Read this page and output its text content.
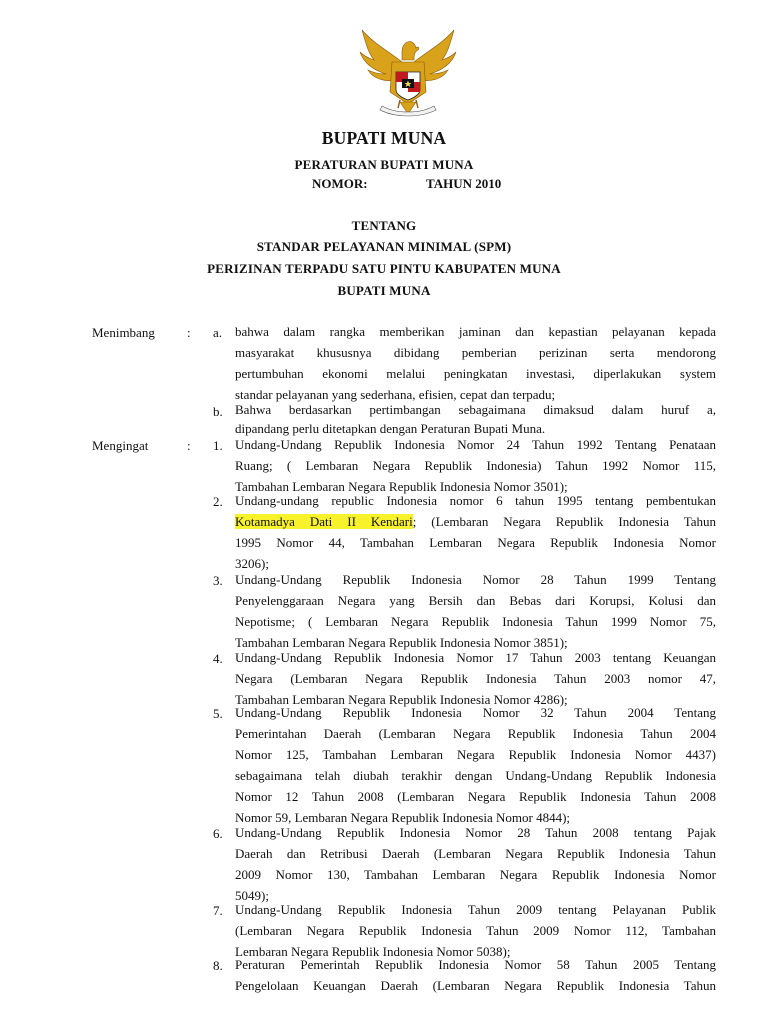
BUPATI MUNA
PERATURAN BUPATI MUNA
NOMOR:	TAHUN 2010
TENTANG
STANDAR PELAYANAN MINIMAL (SPM)
PERIZINAN TERPADU SATU PINTU KABUPATEN MUNA
BUPATI MUNA
Menimbang : a. bahwa dalam rangka memberikan jaminan dan kepastian pelayanan kepada

masyarakat khususnya dibidang pemberian perizinan serta mendorong

pertumbuhan ekonomi melalui peningkatan investasi, diperlakukan system

standar pelayanan yang sederhana, efisien, cepat dan terpadu;

b. Bahwa berdasarkan pertimbangan sebagaimana dimaksud dalam huruf a,

dipandang perlu ditetapkan dengan Peraturan Bupati Muna.

Mengingat	: 1. Undang-Undang Republik Indonesia Nomor 24 Tahun 1992 Tentang Penataan

Ruang; ( Lembaran Negara Republik Indonesia) Tahun 1992 Nomor 115,

Tambahan Lembaran Negara Republik Indonesia Nomor 3501);

2. Undang-undang republic Indonesia nomor 6 tahun 1995 tentang pembentukan

Kotamadya Dati II Kendari; (Lembaran Negara Republik Indonesia Tahun

1995 Nomor 44, Tambahan Lembaran Negara Republik Indonesia Nomor

3206);

3. Undang-Undang Republik Indonesia Nomor 28 Tahun 1999 Tentang

Penyelenggaraan Negara yang Bersih dan Bebas dari Korupsi, Kolusi dan

Nepotisme; ( Lembaran Negara Republik Indonesia Tahun 1999 Nomor 75,

Tambahan Lembaran Negara Republik Indonesia Nomor 3851);

4. Undang-Undang Republik Indonesia Nomor 17 Tahun 2003 tentang Keuangan

Negara (Lembaran Negara Republik Indonesia Tahun 2003 nomor 47,

Tambahan Lembaran Negara Republik Indonesia Nomor 4286);

5. Undang-Undang Republik Indonesia Nomor 32 Tahun 2004 Tentang

Pemerintahan Daerah (Lembaran Negara Republik Indonesia Tahun 2004

Nomor 125, Tambahan Lembaran Negara Republik Indonesia Nomor 4437)

sebagaimana telah diubah terakhir dengan Undang-Undang Republik Indonesia

Nomor 12 Tahun 2008 (Lembaran Negara Republik Indonesia Tahun 2008

Nomor 59, Lembaran Negara Republik Indonesia Nomor 4844);

6. Undang-Undang Republik Indonesia Nomor 28 Tahun 2008 tentang Pajak

Daerah dan Retribusi Daerah (Lembaran Negara Republik Indonesia Tahun

2009 Nomor 130, Tambahan Lembaran Negara Republik Indonesia Nomor

5049);

7. Undang-Undang Republik Indonesia Tahun 2009 tentang Pelayanan Publik

(Lembaran Negara Republik Indonesia Tahun 2009 Nomor 112, Tambahan

Lembaran Negara Republik Indonesia Nomor 5038);

8. Peraturan Pemerintah Republik Indonesia Nomor 58 Tahun 2005 Tentang

Pengelolaan Keuangan Daerah (Lembaran Negara Republik Indonesia Tahun
